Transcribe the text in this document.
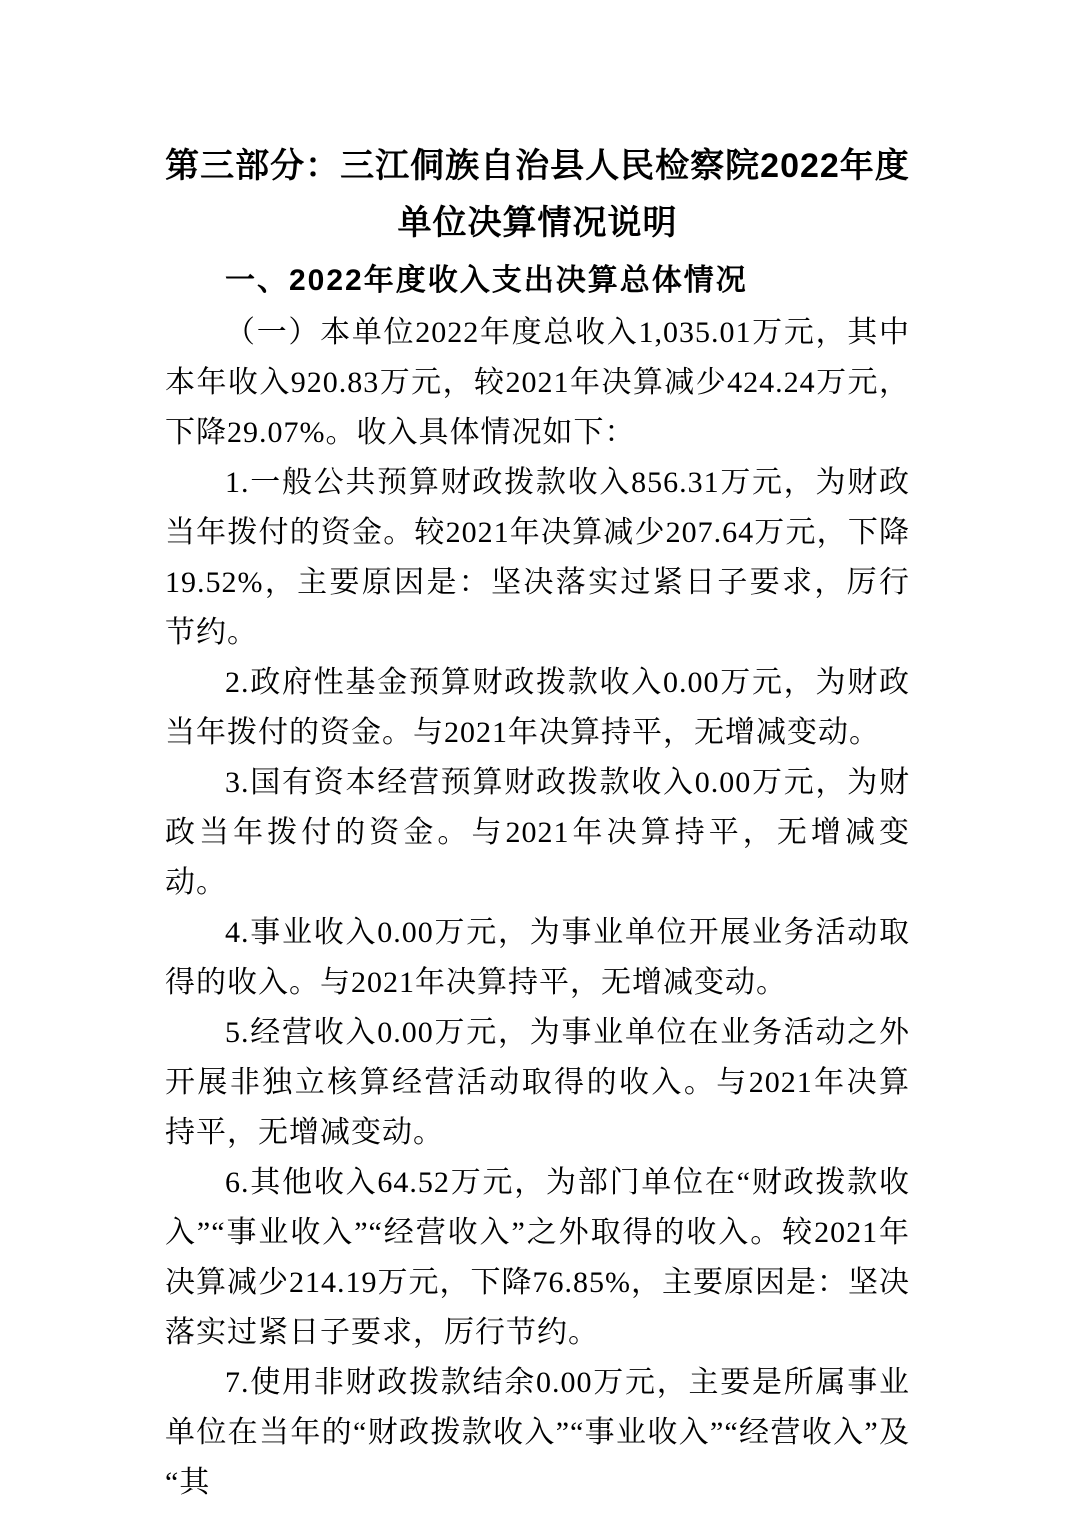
第三部分：三江侗族自治县人民检察院2022年度
单位决算情况说明
一、2022年度收入支出决算总体情况

（一）本单位2022年度总收入1,035.01万元，其中本年收入920.83万元，较2021年决算减少424.24万元，下降29.07%。收入具体情况如下：

1.一般公共预算财政拨款收入856.31万元，为财政当年拨付的资金。较2021年决算减少207.64万元，下降19.52%，主要原因是：坚决落实过紧日子要求，厉行节约。

2.政府性基金预算财政拨款收入0.00万元，为财政当年拨付的资金。与2021年决算持平，无增减变动。

3.国有资本经营预算财政拨款收入0.00万元，为财政当年拨付的资金。与2021年决算持平，无增减变动。

4.事业收入0.00万元，为事业单位开展业务活动取得的收入。与2021年决算持平，无增减变动。

5.经营收入0.00万元，为事业单位在业务活动之外开展非独立核算经营活动取得的收入。与2021年决算持平，无增减变动。

6.其他收入64.52万元，为部门单位在“财政拨款收入”“事业收入”“经营收入”之外取得的收入。较2021年决算减少214.19万元，下降76.85%，主要原因是：坚决落实过紧日子要求，厉行节约。

7.使用非财政拨款结余0.00万元，主要是所属事业单位在当年的“财政拨款收入”“事业收入”“经营收入”及“其
